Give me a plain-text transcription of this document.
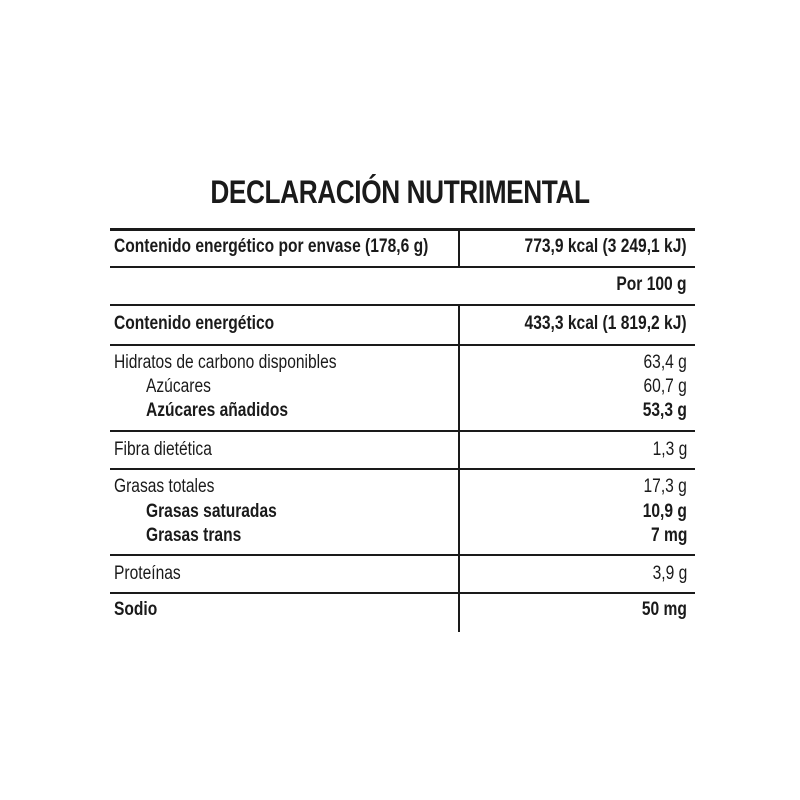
DECLARACIÓN NUTRIMENTAL
Contenido energético por envase (178,6 g)	773,9 kcal (3 249,1 kJ)
Por 100 g
Contenido energético	433,3 kcal (1 819,2 kJ)
Hidratos de carbono disponibles	63,4 g
Azúcares	60,7 g
Azúcares añadidos	53,3 g
Fibra dietética	1,3 g
Grasas totales	17,3 g
Grasas saturadas	10,9 g
Grasas trans	7 mg
Proteínas	3,9 g
Sodio	50 mg
